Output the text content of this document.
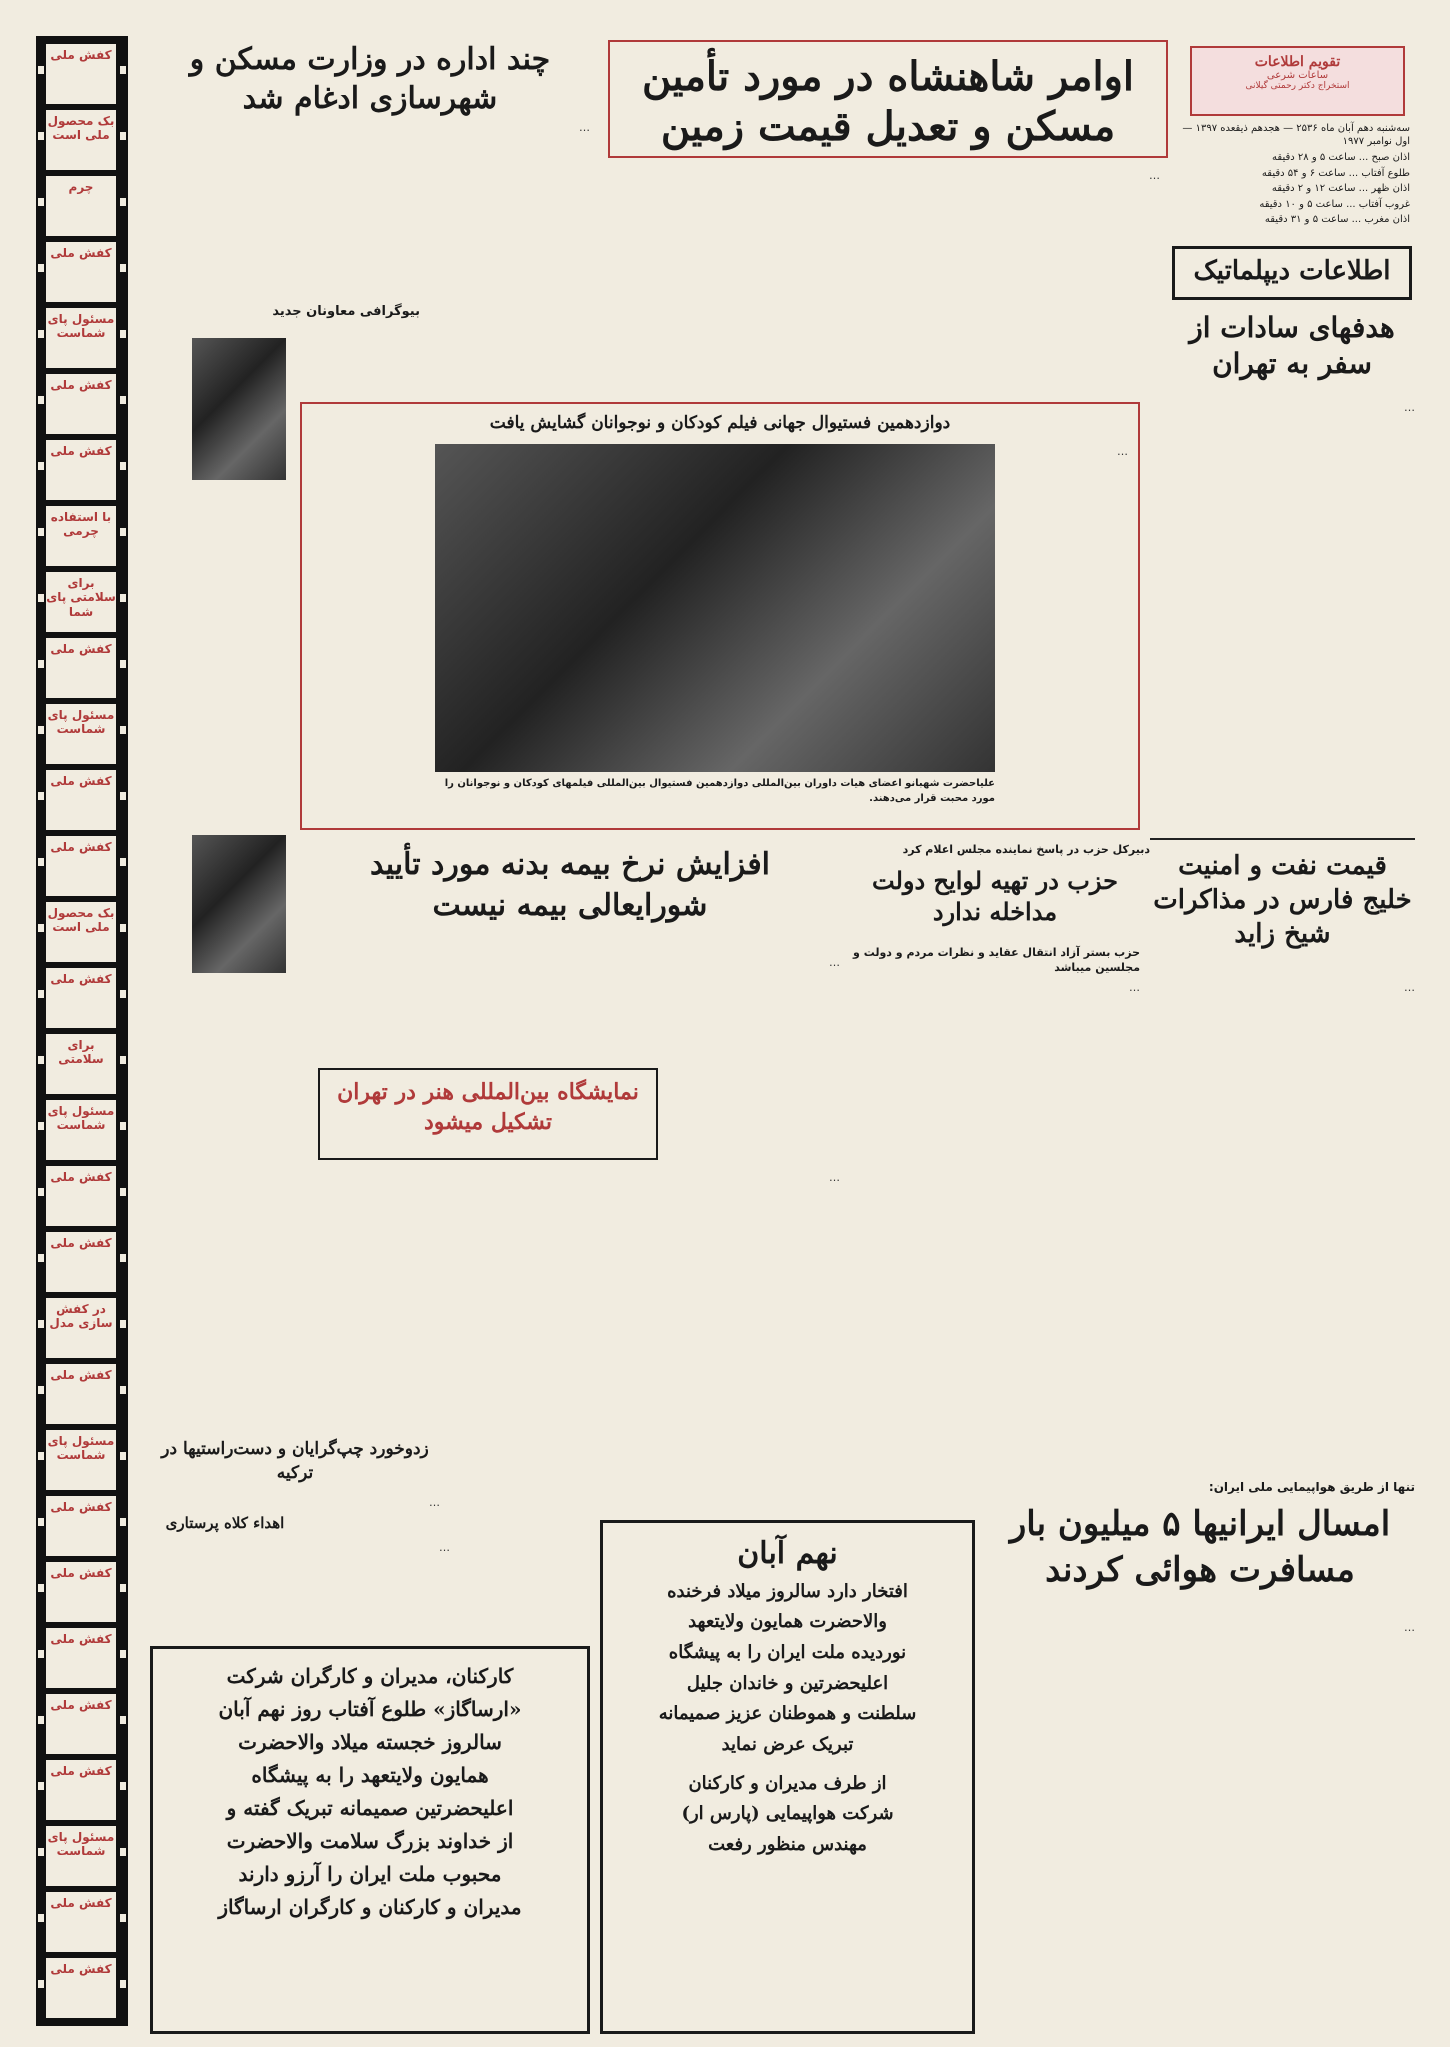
کفش ملی
بک محصول ملی است
چرم
کفش ملی
مسئول پای شماست
کفش ملی
کفش ملی
با استفاده چرمی
برای سلامتی پای شما
کفش ملی
مسئول پای شماست
کفش ملی
کفش ملی
بک محصول ملی است
کفش ملی
برای سلامتی
مسئول پای شماست
کفش ملی
کفش ملی
در کفش سازی مدل
کفش ملی
مسئول پای شماست
کفش ملی
کفش ملی
کفش ملی
کفش ملی
کفش ملی
مسئول پای شماست
کفش ملی
کفش ملی
تقویم اطلاعات
ساعات شرعی
استخراج دکتر رحمتی گیلانی
سه‌شنبه دهم آبان ماه ۲۵۳۶ — هجدهم ذیقعده ۱۳۹۷ — اول نوامبر ۱۹۷۷
اذان صبح ... ساعت ۵ و ۲۸ دقیقه
طلوع آفتاب ... ساعت ۶ و ۵۴ دقیقه
اذان ظهر ... ساعت ۱۲ و ۲ دقیقه
غروب آفتاب ... ساعت ۵ و ۱۰ دقیقه
اذان مغرب ... ساعت ۵ و ۳۱ دقیقه
اطلاعات دیپلماتیک
هدفهای سادات از سفر به تهران
…
قیمت نفت و امنیت خلیج فارس در مذاکرات شیخ زاید
…
اوامر شاهنشاه در مورد تأمین مسکن و تعدیل قیمت زمین
…
چند اداره در وزارت مسکن و شهرسازی ادغام شد
…
بیوگرافی معاونان جدید
دوازدهمین فستیوال جهانی فیلم کودکان و نوجوانان گشایش یافت
…
علیاحضرت شهبانو اعضای هیات داوران بین‌المللی دوازدهمین فستیوال بین‌المللی فیلمهای کودکان و نوجوانان را مورد محبت قرار می‌دهند.
دبیرکل حزب در پاسخ نماینده مجلس اعلام کرد
افزایش نرخ بیمه بدنه مورد تأیید شورایعالی بیمه نیست
…
حزب در تهیه لوایح دولت مداخله ندارد
حزب بستر آزاد انتقال عقاید و نظرات مردم و دولت و مجلسین میباشد
…
نمایشگاه بین‌المللی هنر در تهران تشکیل میشود
…
زدوخورد چپ‌گرایان و دست‌راستیها در ترکیه
…
اهداء کلاه پرستاری
…
کارکنان، مدیران و کارگران شرکت
«ارساگاز» طلوع آفتاب روز نهم آبان
سالروز خجسته میلاد والاحضرت
همایون ولایتعهد را به پیشگاه
اعلیحضرتین صمیمانه تبریک گفته و
از خداوند بزرگ سلامت والاحضرت
محبوب ملت ایران را آرزو دارند
مدیران و کارکنان و کارگران ارساگاز
نهم آبان
افتخار دارد سالروز میلاد فرخنده
والاحضرت همایون ولایتعهد
نوردیده ملت ایران را به پیشگاه
اعلیحضرتین و خاندان جلیل
سلطنت و هموطنان عزیز صمیمانه
تبریک عرض نماید
از طرف مدیران و کارکنان
شرکت هواپیمایی (پارس ار)
مهندس منظور رفعت
تنها از طریق هواپیمایی ملی ایران:
امسال ایرانیها ۵ میلیون بار مسافرت هوائی کردند
…
